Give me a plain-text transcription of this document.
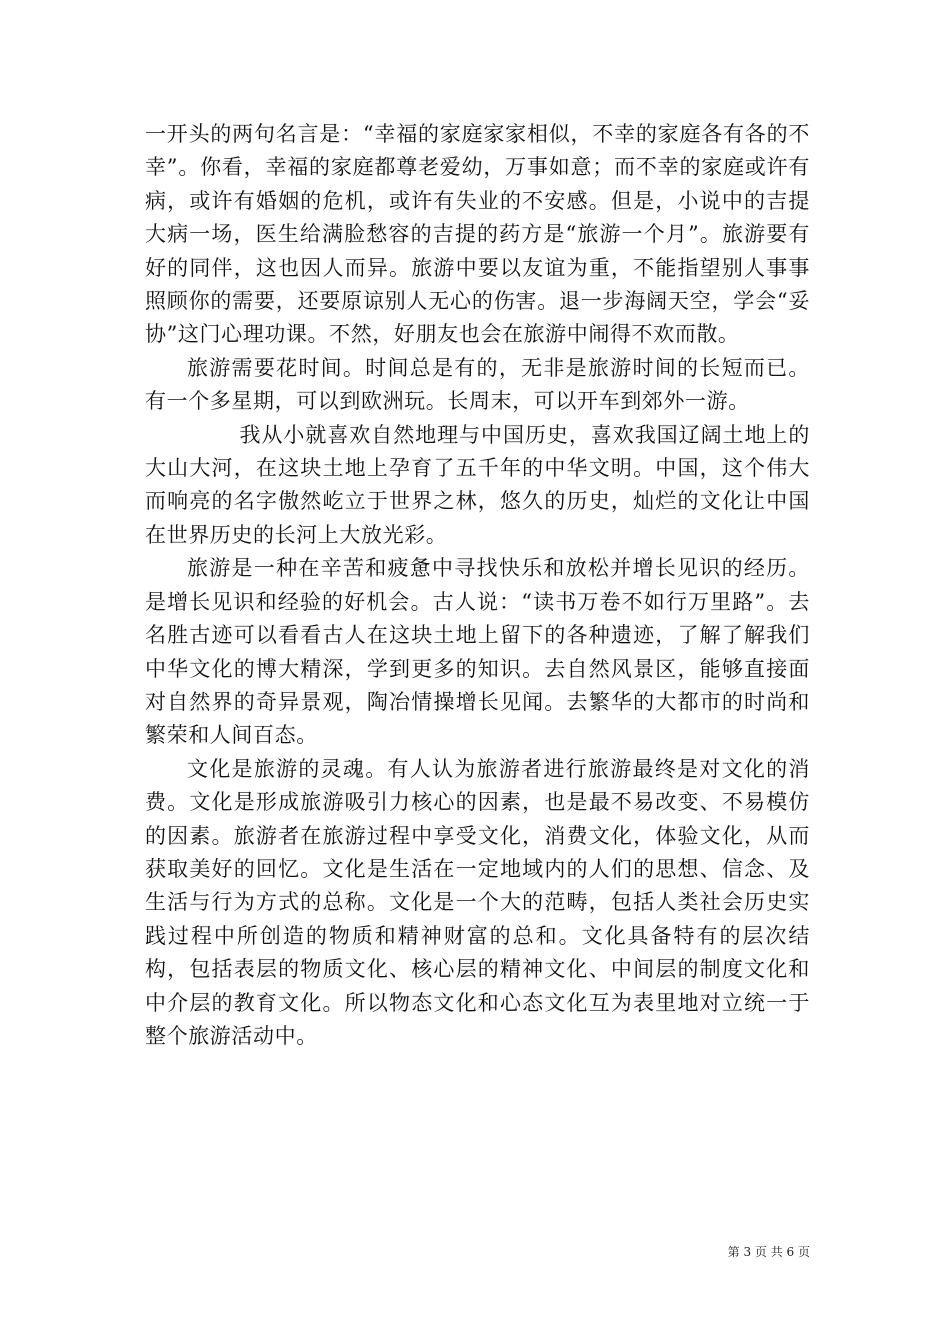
一开头的两句名言是：“幸福的家庭家家相似，不幸的家庭各有各的不幸”。你看，幸福的家庭都尊老爱幼，万事如意；而不幸的家庭或许有病，或许有婚姻的危机，或许有失业的不安感。但是，小说中的吉提大病一场，医生给满脸愁容的吉提的药方是“旅游一个月”。旅游要有好的同伴，这也因人而异。旅游中要以友谊为重，不能指望别人事事照顾你的需要，还要原谅别人无心的伤害。退一步海阔天空，学会“妥协”这门心理功课。不然，好朋友也会在旅游中闹得不欢而散。

旅游需要花时间。时间总是有的，无非是旅游时间的长短而已。有一个多星期，可以到欧洲玩。长周末，可以开车到郊外一游。

我从小就喜欢自然地理与中国历史，喜欢我国辽阔土地上的大山大河，在这块土地上孕育了五千年的中华文明。中国，这个伟大而响亮的名字傲然屹立于世界之林，悠久的历史，灿烂的文化让中国在世界历史的长河上大放光彩。

旅游是一种在辛苦和疲惫中寻找快乐和放松并增长见识的经历。是增长见识和经验的好机会。古人说：“读书万卷不如行万里路”。去名胜古迹可以看看古人在这块土地上留下的各种遗迹，了解了解我们中华文化的博大精深，学到更多的知识。去自然风景区，能够直接面对自然界的奇异景观，陶冶情操增长见闻。去繁华的大都市的时尚和繁荣和人间百态。

文化是旅游的灵魂。有人认为旅游者进行旅游最终是对文化的消费。文化是形成旅游吸引力核心的因素，也是最不易改变、不易模仿的因素。旅游者在旅游过程中享受文化，消费文化，体验文化，从而获取美好的回忆。文化是生活在一定地域内的人们的思想、信念、及生活与行为方式的总称。文化是一个大的范畴，包括人类社会历史实践过程中所创造的物质和精神财富的总和。文化具备特有的层次结构，包括表层的物质文化、核心层的精神文化、中间层的制度文化和中介层的教育文化。所以物态文化和心态文化互为表里地对立统一于整个旅游活动中。

第 3 页 共 6 页
